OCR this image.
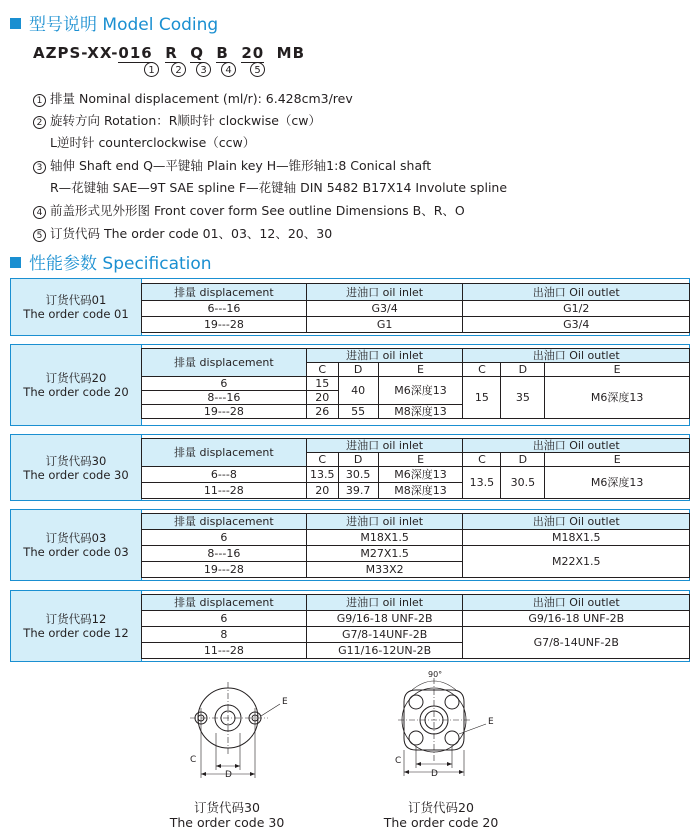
型号说明 Model Coding
AZPS-XX-016 R Q B 20 MB
1	2	3	4	5
1 排量 Nominal displacement (ml/r): 6.428cm3/rev
2 旋转方向 Rotation：R顺时针 clockwise（cw）
L逆时针 counterclockwise（ccw）
3 轴伸 Shaft end Q—平键轴 Plain key H—锥形轴1:8 Conical shaft
R—花键轴 SAE—9T SAE spline F—花键轴 DIN 5482 B17X14 Involute spline
4 前盖形式见外形图 Front cover form See outline Dimensions B、R、O
5 订货代码 The order code 01、03、12、20、30
性能参数 Specification
订货代码01
The order code 01
排量 displacement	进油口 oil inlet	出油口 Oil outlet
6---16	G3/4	G1/2
19---28	G1	G3/4
订货代码20
The order code 20
排量 displacement	进油口 oil inlet			出油口 Oil outlet		
	C	D	E	C	D	E
6	15	40	M6深度13	15	35	M6深度13
8---16	20					
19---28	26	55	M8深度13			
订货代码30
The order code 30
排量 displacement	进油口 oil inlet			出油口 Oil outlet		
	C	D	E	C	D	E
6---8	13.5	30.5	M6深度13	13.5	30.5	M6深度13
11---28	20	39.7	M8深度13			
订货代码03
The order code 03
排量 displacement	进油口 oil inlet	出油口 Oil outlet
6	M18X1.5	M18X1.5
8---16	M27X1.5	M22X1.5
19---28	M33X2	
订货代码12
The order code 12
排量 displacement	进油口 oil inlet	出油口 Oil outlet
6	G9/16-18 UNF-2B	G9/16-18 UNF-2B
8	G7/8-14UNF-2B	G7/8-14UNF-2B
11---28	G11/16-12UN-2B	
C
D
E
订货代码30
The order code 30
90°
C
D
E
订货代码20
The order code 20
